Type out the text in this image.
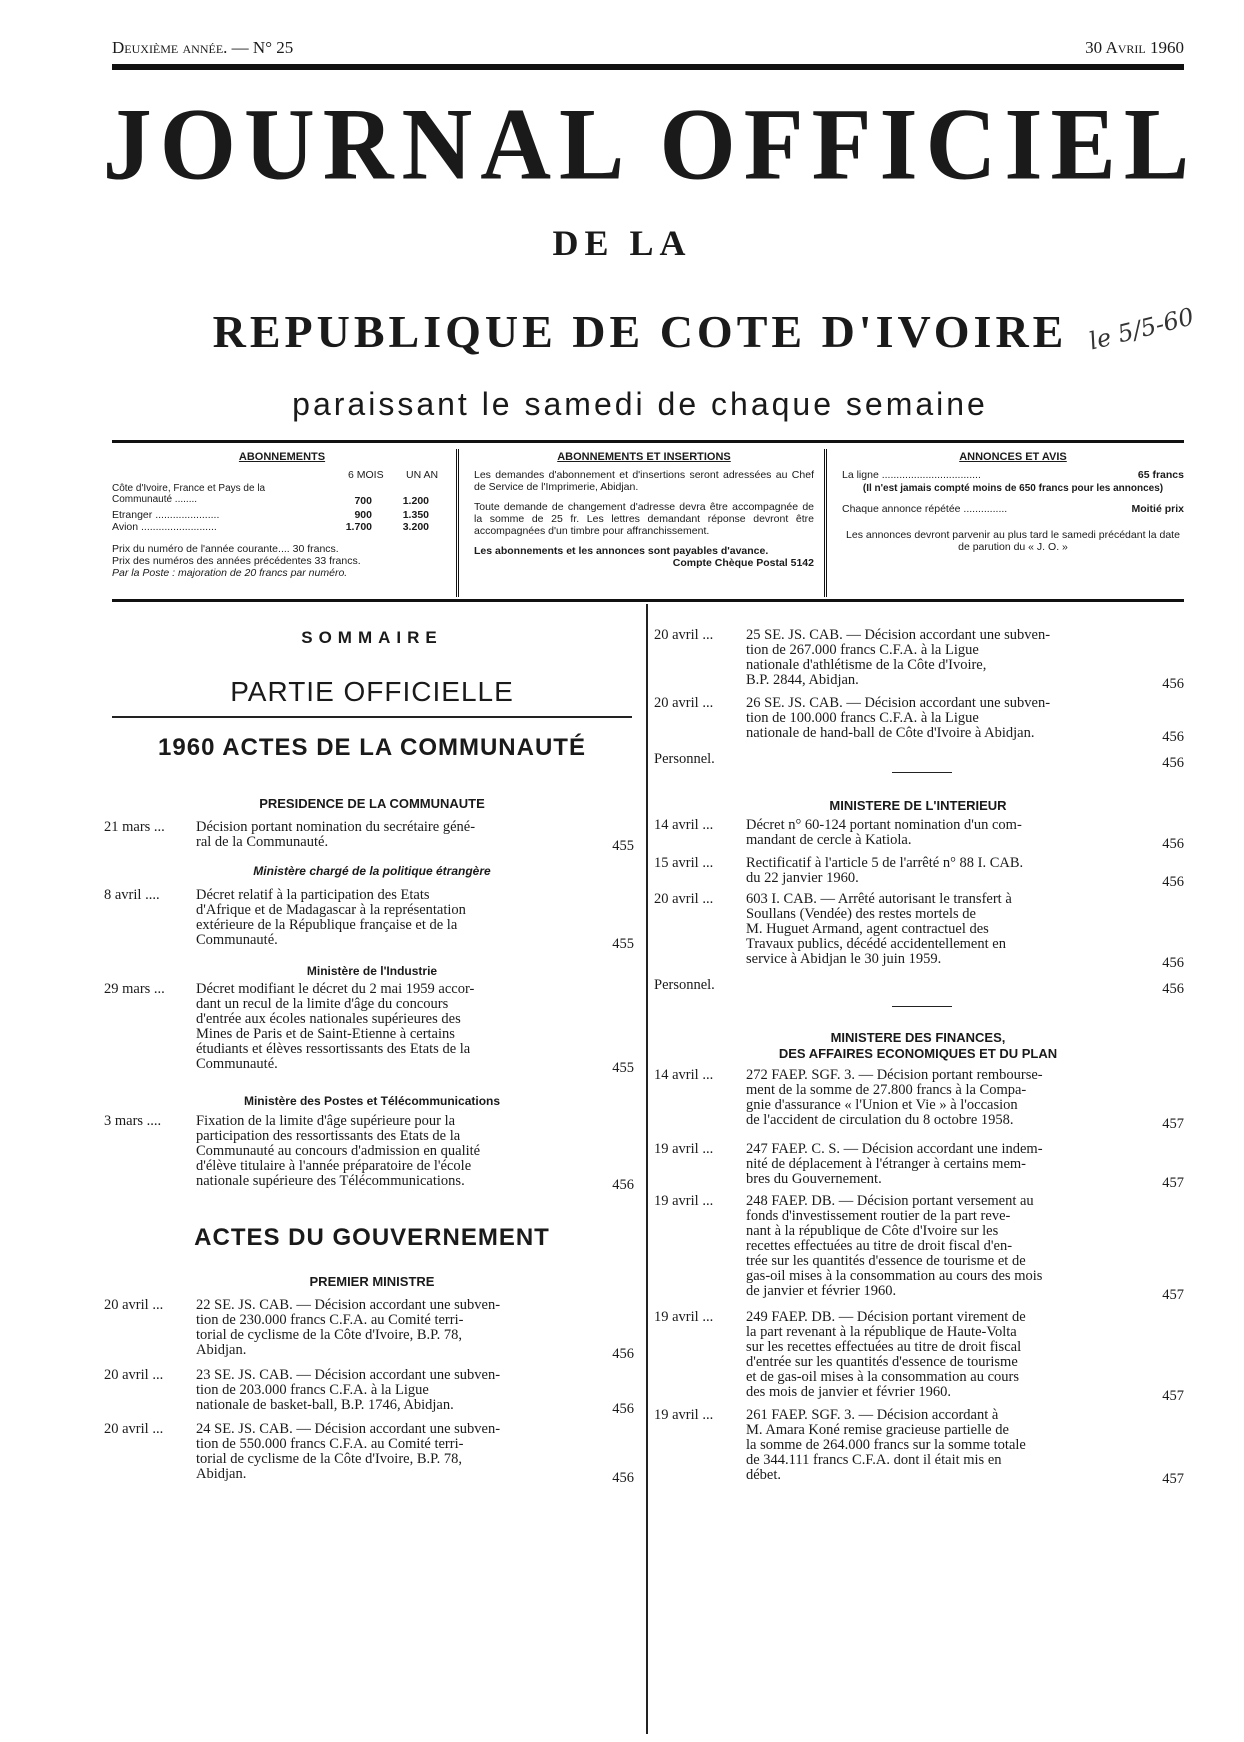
Deuxième année. — N° 25	30 Avril 1960
JOURNAL OFFICIEL
DE LA
REPUBLIQUE DE COTE D'IVOIRE le 5/5-60
paraissant le samedi de chaque semaine
ABONNEMENTS
6 MOIS UN AN
Côte d'Ivoire, France et Pays de la Communauté ........	700	1.200
Etranger ......................	900	1.350
Avion ..........................	1.700	3.200
Prix du numéro de l'année courante.... 30 francs.
Prix des numéros des années précédentes 33 francs.
Par la Poste : majoration de 20 francs par numéro.
ABONNEMENTS ET INSERTIONS
Les demandes d'abonnement et d'insertions seront adressées au Chef de Service de l'Imprimerie, Abidjan.
Toute demande de changement d'adresse devra être accompagnée de la somme de 25 fr. Les lettres demandant réponse devront être accompagnées d'un timbre pour affranchissement.
Les abonnements et les annonces sont payables d'avance.
Compte Chèque Postal 5142
ANNONCES ET AVIS
La ligne ..................................	65 francs
(Il n'est jamais compté moins de 650 francs pour les annonces)
Chaque annonce répétée ...............	Moitié prix
Les annonces devront parvenir au plus tard le samedi précédant la date de parution du « J. O. »
SOMMAIRE
PARTIE OFFICIELLE
1960 ACTES DE LA COMMUNAUTÉ
PRESIDENCE DE LA COMMUNAUTE
Ministère chargé de la politique étrangère
Ministère de l'Industrie
Ministère des Postes et Télécommunications
ACTES DU GOUVERNEMENT
PREMIER MINISTRE
MINISTERE DE L'INTERIEUR
MINISTERE DES FINANCES,
DES AFFAIRES ECONOMIQUES ET DU PLAN
21 mars ... Décision portant nomination du secrétaire géné-
ral de la Communauté.	455
8 avril ....	Décret relatif à la participation des Etats
d'Afrique et de Madagascar à la représentation
extérieure de la République française et de la
Communauté.	455
29 mars ... Décret modifiant le décret du 2 mai 1959 accor-
dant un recul de la limite d'âge du concours
d'entrée aux écoles nationales supérieures des
Mines de Paris et de Saint-Etienne à certains
étudiants et élèves ressortissants des Etats de la
Communauté.	455
3 mars .... Fixation de la limite d'âge supérieure pour la
participation des ressortissants des Etats de la
Communauté au concours d'admission en qualité
d'élève titulaire à l'année préparatoire de l'école
nationale supérieure des Télécommunications.	456
20 avril ... 22 SE. JS. CAB. — Décision accordant une subven-
tion de 230.000 francs C.F.A. au Comité terri-
torial de cyclisme de la Côte d'Ivoire, B.P. 78,
Abidjan.	456
20 avril ... 23 SE. JS. CAB. — Décision accordant une subven-
tion de 203.000 francs C.F.A. à la Ligue
nationale de basket-ball, B.P. 1746, Abidjan.	456
20 avril ... 24 SE. JS. CAB. — Décision accordant une subven-
tion de 550.000 francs C.F.A. au Comité terri-
torial de cyclisme de la Côte d'Ivoire, B.P. 78,
Abidjan.	456
20 avril ... 25 SE. JS. CAB. — Décision accordant une subven-
tion de 267.000 francs C.F.A. à la Ligue
nationale d'athlétisme de la Côte d'Ivoire,
B.P. 2844, Abidjan.	456
20 avril ... 26 SE. JS. CAB. — Décision accordant une subven-
tion de 100.000 francs C.F.A. à la Ligue
nationale de hand-ball de Côte d'Ivoire à Abidjan.	456
Personnel.	456
14 avril ... Décret n° 60-124 portant nomination d'un com-
mandant de cercle à Katiola.	456
15 avril ... Rectificatif à l'article 5 de l'arrêté n° 88 I. CAB.
du 22 janvier 1960.	456
20 avril ... 603 I. CAB. — Arrêté autorisant le transfert à
Soullans (Vendée) des restes mortels de
M. Huguet Armand, agent contractuel des
Travaux publics, décédé accidentellement en
service à Abidjan le 30 juin 1959.	456
Personnel.	456
14 avril ... 272 FAEP. SGF. 3. — Décision portant rembourse-
ment de la somme de 27.800 francs à la Compa-
gnie d'assurance « l'Union et Vie » à l'occasion
de l'accident de circulation du 8 octobre 1958.	457
19 avril ... 247 FAEP. C. S. — Décision accordant une indem-
nité de déplacement à l'étranger à certains mem-
bres du Gouvernement.	457
19 avril ... 248 FAEP. DB. — Décision portant versement au
fonds d'investissement routier de la part reve-
nant à la république de Côte d'Ivoire sur les
recettes effectuées au titre de droit fiscal d'en-
trée sur les quantités d'essence de tourisme et de
gas-oil mises à la consommation au cours des mois
de janvier et février 1960.	457
19 avril ... 249 FAEP. DB. — Décision portant virement de
la part revenant à la république de Haute-Volta
sur les recettes effectuées au titre de droit fiscal
d'entrée sur les quantités d'essence de tourisme
et de gas-oil mises à la consommation au cours
des mois de janvier et février 1960.	457
19 avril ... 261 FAEP. SGF. 3. — Décision accordant à
M. Amara Koné remise gracieuse partielle de
la somme de 264.000 francs sur la somme totale
de 344.111 francs C.F.A. dont il était mis en
débet.	457
